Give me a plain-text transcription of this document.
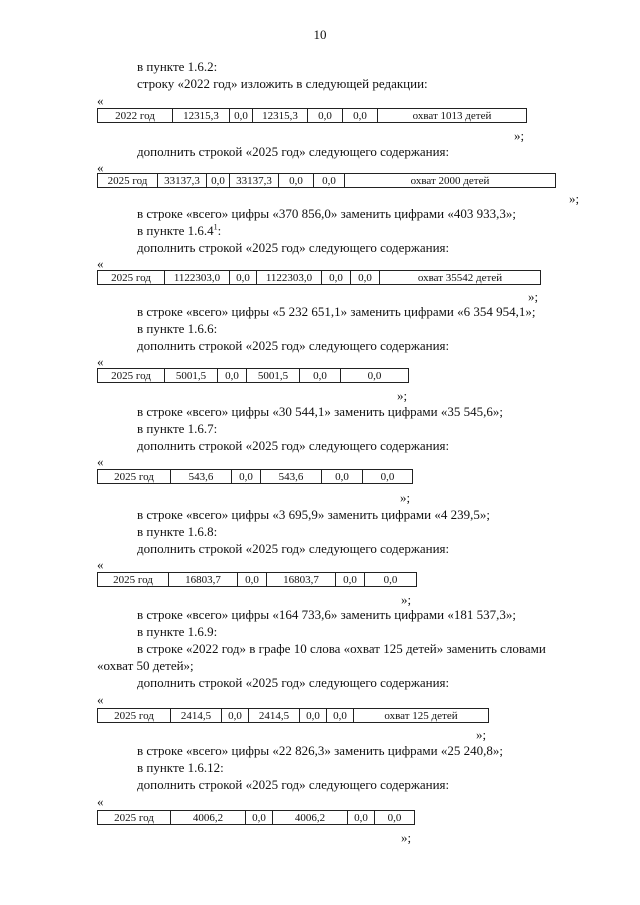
10
в пункте 1.6.2:
строку «2022 год» изложить в следующей редакции:
«
2022 год	12315,3	0,0	12315,3	0,0	0,0	охват 1013 детей
»;
дополнить строкой «2025 год» следующего содержания:
«
2025 год	33137,3	0,0	33137,3	0,0	0,0	охват 2000 детей
»;
в строке «всего» цифры «370 856,0» заменить цифрами «403 933,3»;
в пункте 1.6.4$^1$:
дополнить строкой «2025 год» следующего содержания:
«
2025 год	1122303,0	0,0	1122303,0	0,0	0,0	охват 35542 детей
»;
в строке «всего» цифры «5 232 651,1» заменить цифрами «6 354 954,1»;
в пункте 1.6.6:
дополнить строкой «2025 год» следующего содержания:
«
2025 год	5001,5	0,0	5001,5	0,0	0,0
»;
в строке «всего» цифры «30 544,1» заменить цифрами «35 545,6»;
в пункте 1.6.7:
дополнить строкой «2025 год» следующего содержания:
«
2025 год	543,6	0,0	543,6	0,0	0,0
»;
в строке «всего» цифры «3 695,9» заменить цифрами «4 239,5»;
в пункте 1.6.8:
дополнить строкой «2025 год» следующего содержания:
«
2025 год	16803,7	0,0	16803,7	0,0	0,0
»;
в строке «всего» цифры «164 733,6» заменить цифрами «181 537,3»;
в пункте 1.6.9:
в строке «2022 год» в графе 10 слова «охват 125 детей» заменить словами
«охват 50 детей»;
дополнить строкой «2025 год» следующего содержания:
«
2025 год	2414,5	0,0	2414,5	0,0	0,0	охват 125 детей
»;
в строке «всего» цифры «22 826,3» заменить цифрами «25 240,8»;
в пункте 1.6.12:
дополнить строкой «2025 год» следующего содержания:
«
2025 год	4006,2	0,0	4006,2	0,0	0,0
»;
